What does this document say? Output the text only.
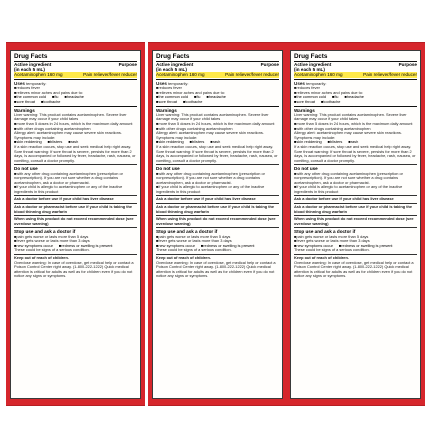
Drug Facts
Active ingredient	Purpose
(in each 5 mL)
Acetaminophen 160 mg	Pain reliever/fever reducer
Uses temporarily:
■ reduces fever
■ relieves minor aches and pains due to:
■ the common cold	■ flu	■ headache
■ sore throat	■ toothache
Warnings
Liver warning: This product contains acetaminophen. Severe liver damage may occur if your child takes
■ more than 5 doses in 24 hours, which is the maximum daily amount
■ with other drugs containing acetaminophen
Allergy alert: acetaminophen may cause severe skin reactions. Symptoms may include:
■ skin reddening	■ blisters	■ rash
If a skin reaction occurs, stop use and seek medical help right away.
Sore throat warning: If sore throat is severe, persists for more than 2 days, is accompanied or followed by fever, headache, rash, nausea, or vomiting, consult a doctor promptly.
Do not use
■ with any other drug containing acetaminophen (prescription or nonprescription). If you are not sure whether a drug contains acetaminophen, ask a doctor or pharmacist.
■ if your child is allergic to acetaminophen or any of the inactive ingredients in this product
Ask a doctor before use if your child has liver disease
Ask a doctor or pharmacist before use if your child is taking the blood thinning drug warfarin
When using this product do not exceed recommended dose (see overdose warning)
Stop use and ask a doctor if
■ pain gets worse or lasts more than 5 days
■ fever gets worse or lasts more than 3 days
■ new symptoms occur	■ redness or swelling is present
These could be signs of a serious condition.
Keep out of reach of children.
Overdose warning: In case of overdose, get medical help or contact a Poison Control Center right away. (1-800-222-1222) Quick medical attention is critical for adults as well as for children even if you do not notice any signs or symptoms.
Drug Facts
Active ingredient	Purpose
(in each 5 mL)
Acetaminophen 160 mg	Pain reliever/fever reducer
Uses temporarily:
■ reduces fever
■ relieves minor aches and pains due to:
■ the common cold	■ flu	■ headache
■ sore throat	■ toothache
Warnings
Liver warning: This product contains acetaminophen. Severe liver damage may occur if your child takes
■ more than 5 doses in 24 hours, which is the maximum daily amount
■ with other drugs containing acetaminophen
Allergy alert: acetaminophen may cause severe skin reactions. Symptoms may include:
■ skin reddening	■ blisters	■ rash
If a skin reaction occurs, stop use and seek medical help right away.
Sore throat warning: If sore throat is severe, persists for more than 2 days, is accompanied or followed by fever, headache, rash, nausea, or vomiting, consult a doctor promptly.
Do not use
■ with any other drug containing acetaminophen (prescription or nonprescription). If you are not sure whether a drug contains acetaminophen, ask a doctor or pharmacist.
■ if your child is allergic to acetaminophen or any of the inactive ingredients in this product
Ask a doctor before use if your child has liver disease
Ask a doctor or pharmacist before use if your child is taking the blood thinning drug warfarin
When using this product do not exceed recommended dose (see overdose warning)
Stop use and ask a doctor if
■ pain gets worse or lasts more than 5 days
■ fever gets worse or lasts more than 3 days
■ new symptoms occur	■ redness or swelling is present
These could be signs of a serious condition.
Keep out of reach of children.
Overdose warning: In case of overdose, get medical help or contact a Poison Control Center right away. (1-800-222-1222) Quick medical attention is critical for adults as well as for children even if you do not notice any signs or symptoms.
Drug Facts
Active ingredient	Purpose
(in each 5 mL)
Acetaminophen 160 mg	Pain reliever/fever reducer
Uses temporarily:
■ reduces fever
■ relieves minor aches and pains due to:
■ the common cold	■ flu	■ headache
■ sore throat	■ toothache
Warnings
Liver warning: This product contains acetaminophen. Severe liver damage may occur if your child takes
■ more than 5 doses in 24 hours, which is the maximum daily amount
■ with other drugs containing acetaminophen
Allergy alert: acetaminophen may cause severe skin reactions. Symptoms may include:
■ skin reddening	■ blisters	■ rash
If a skin reaction occurs, stop use and seek medical help right away.
Sore throat warning: If sore throat is severe, persists for more than 2 days, is accompanied or followed by fever, headache, rash, nausea, or vomiting, consult a doctor promptly.
Do not use
■ with any other drug containing acetaminophen (prescription or nonprescription). If you are not sure whether a drug contains acetaminophen, ask a doctor or pharmacist.
■ if your child is allergic to acetaminophen or any of the inactive ingredients in this product
Ask a doctor before use if your child has liver disease
Ask a doctor or pharmacist before use if your child is taking the blood thinning drug warfarin
When using this product do not exceed recommended dose (see overdose warning)
Stop use and ask a doctor if
■ pain gets worse or lasts more than 5 days
■ fever gets worse or lasts more than 3 days
■ new symptoms occur	■ redness or swelling is present
These could be signs of a serious condition.
Keep out of reach of children.
Overdose warning: In case of overdose, get medical help or contact a Poison Control Center right away. (1-800-222-1222) Quick medical attention is critical for adults as well as for children even if you do not notice any signs or symptoms.
